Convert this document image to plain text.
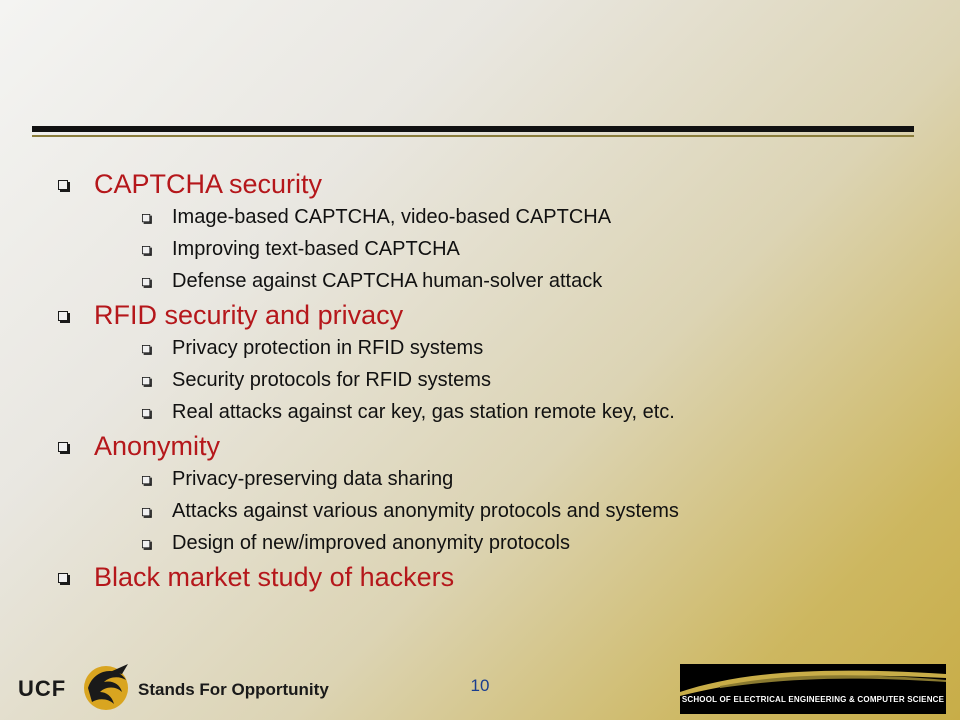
CAPTCHA security
Image-based CAPTCHA, video-based CAPTCHA
Improving text-based CAPTCHA
Defense against CAPTCHA human-solver attack
RFID security and privacy
Privacy protection in RFID systems
Security protocols for RFID systems
Real attacks against car key, gas station remote key, etc.
Anonymity
Privacy-preserving data sharing
Attacks against various anonymity protocols and systems
Design of new/improved anonymity protocols
Black market study of hackers
UCF	Stands For Opportunity	10
SCHOOL OF ELECTRICAL ENGINEERING & COMPUTER SCIENCE
